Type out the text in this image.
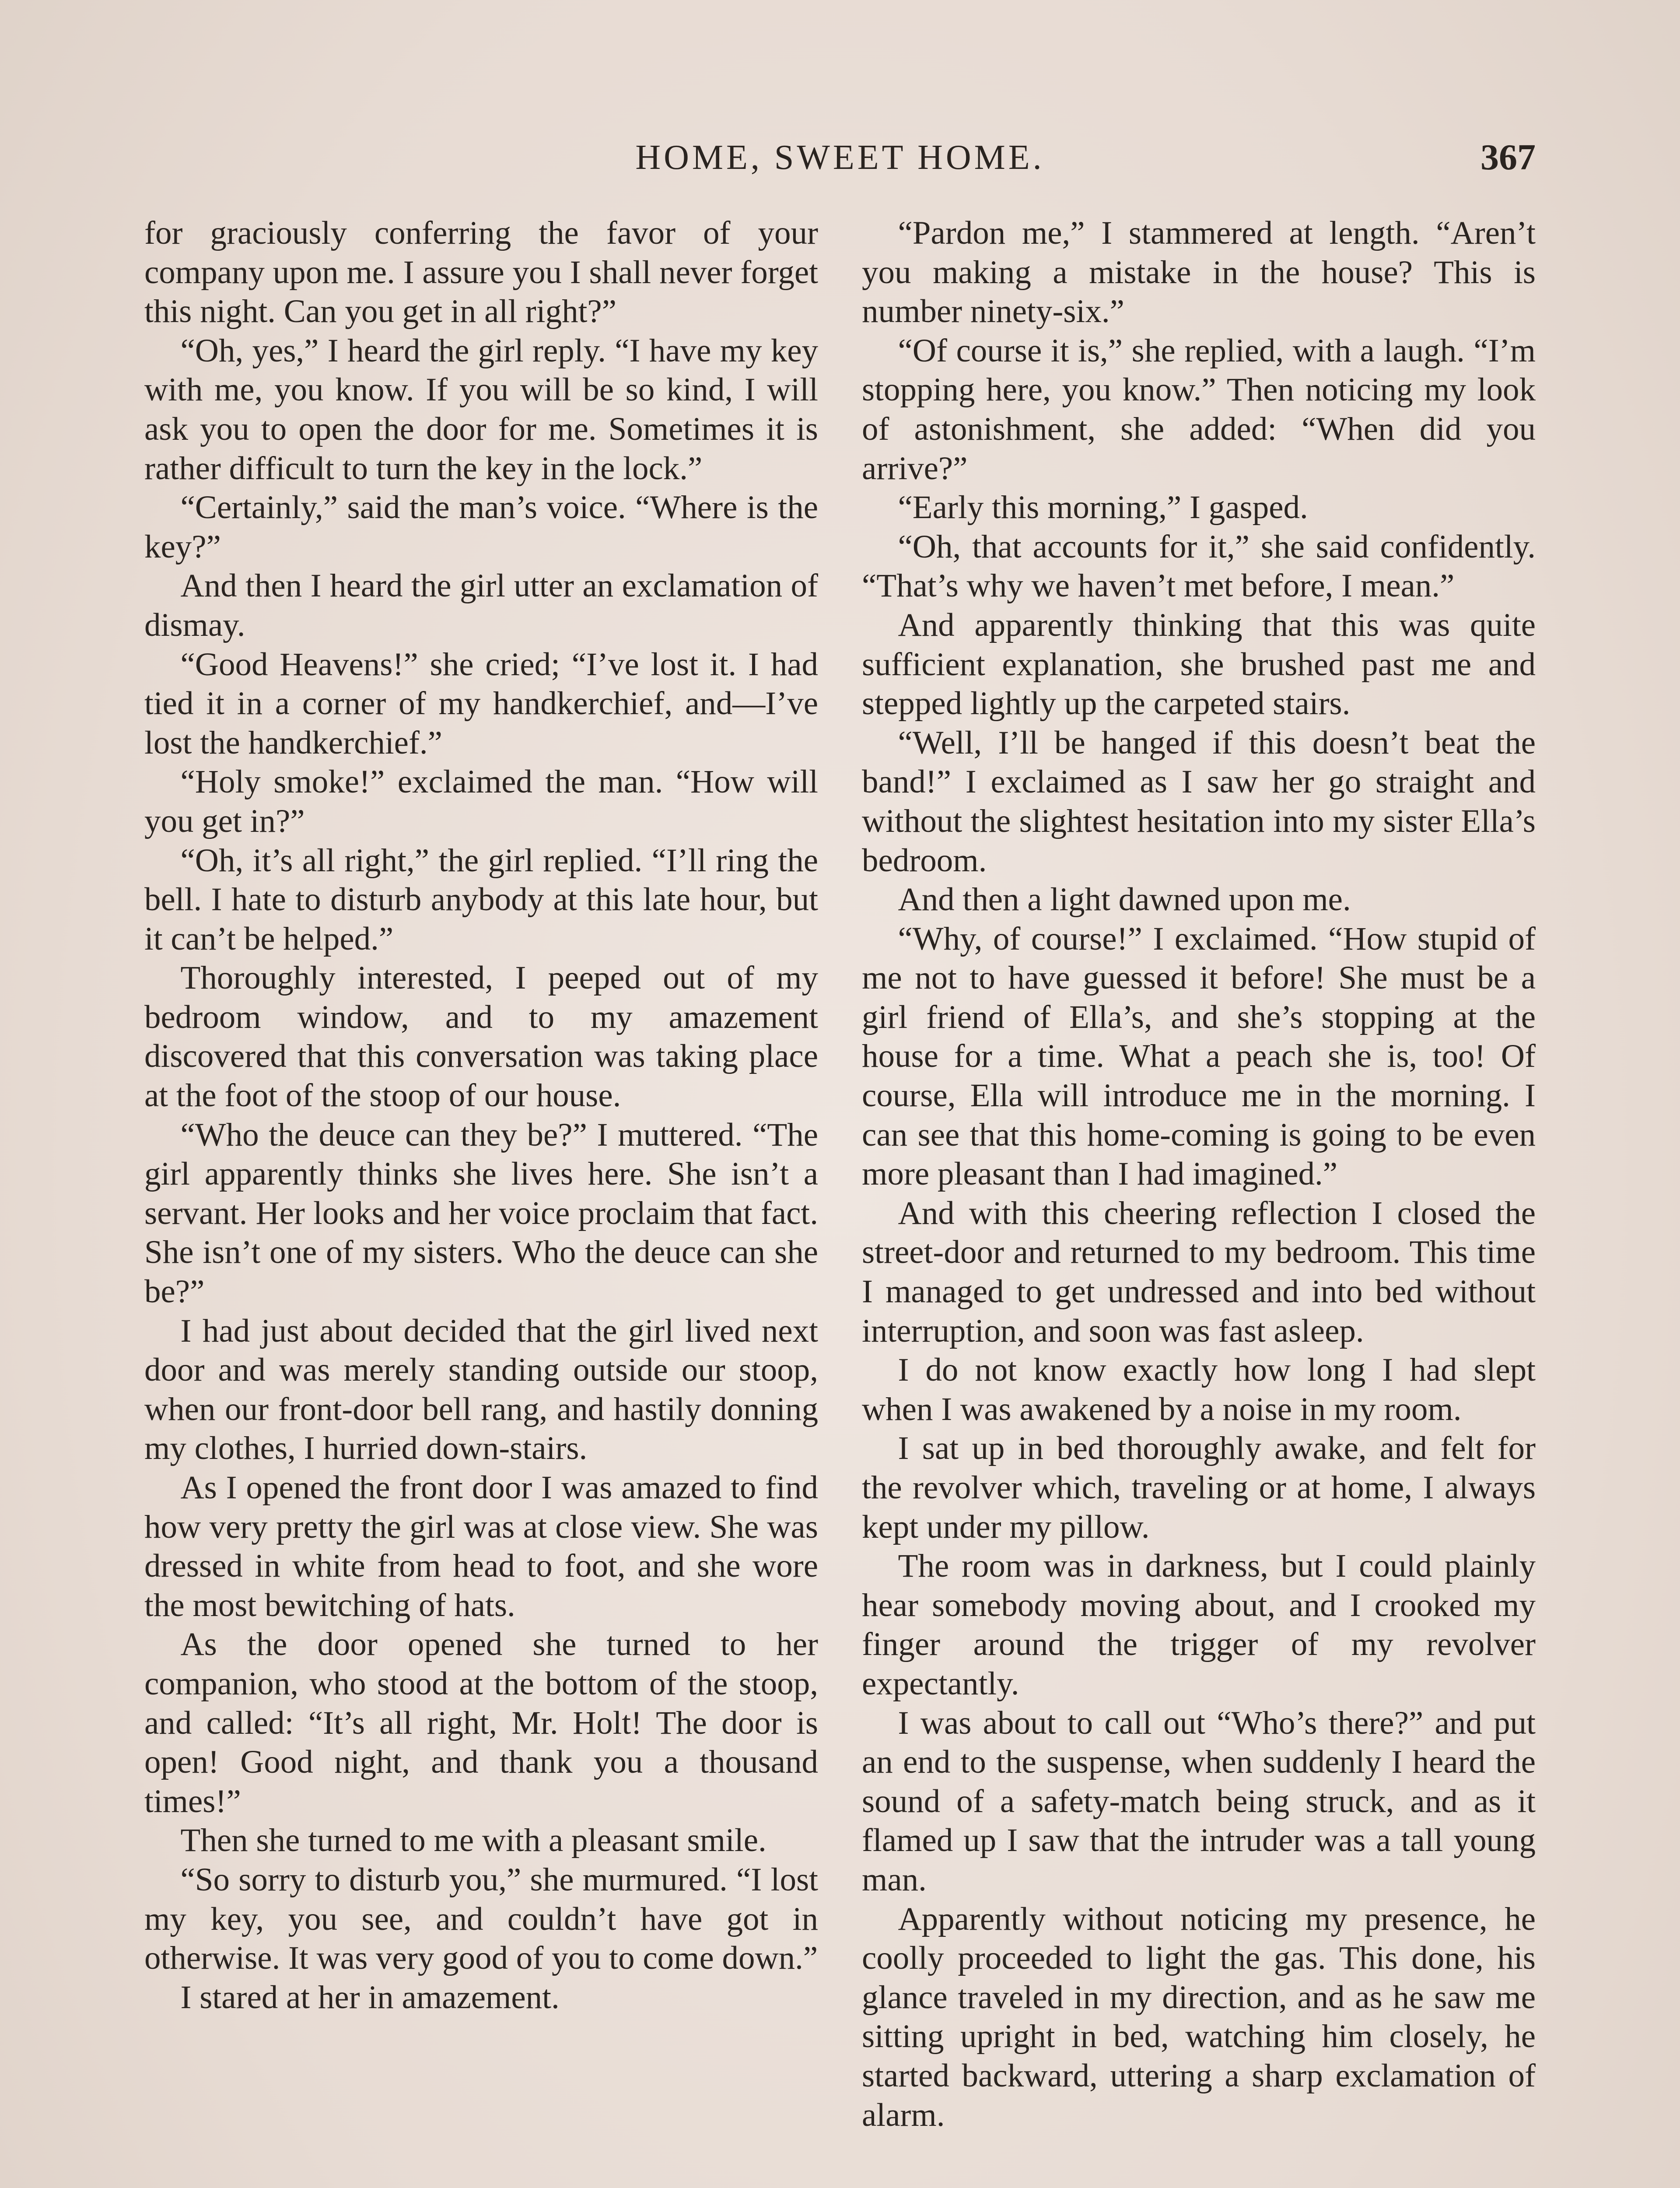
HOME, SWEET HOME.	367

for graciously conferring the favor of your company upon me. I assure you I shall never forget this night. Can you get in all right?”

“Oh, yes,” I heard the girl reply. “I have my key with me, you know. If you will be so kind, I will ask you to open the door for me. Sometimes it is rather difficult to turn the key in the lock.”

“Certainly,” said the man’s voice. “Where is the key?”

And then I heard the girl utter an exclamation of dismay.

“Good Heavens!” she cried; “I’ve lost it. I had tied it in a corner of my handkerchief, and—I’ve lost the handkerchief.”

“Holy smoke!” exclaimed the man. “How will you get in?”

“Oh, it’s all right,” the girl replied. “I’ll ring the bell. I hate to disturb anybody at this late hour, but it can’t be helped.”

Thoroughly interested, I peeped out of my bedroom window, and to my amazement discovered that this conversation was taking place at the foot of the stoop of our house.

“Who the deuce can they be?” I muttered. “The girl apparently thinks she lives here. She isn’t a servant. Her looks and her voice proclaim that fact. She isn’t one of my sisters. Who the deuce can she be?”

I had just about decided that the girl lived next door and was merely standing outside our stoop, when our front-door bell rang, and hastily donning my clothes, I hurried down-stairs.

As I opened the front door I was amazed to find how very pretty the girl was at close view. She was dressed in white from head to foot, and she wore the most bewitching of hats.

As the door opened she turned to her companion, who stood at the bottom of the stoop, and called: “It’s all right, Mr. Holt! The door is open! Good night, and thank you a thousand times!”

Then she turned to me with a pleasant smile.

“So sorry to disturb you,” she murmured. “I lost my key, you see, and couldn’t have got in otherwise. It was very good of you to come down.”

I stared at her in amazement.

“Pardon me,” I stammered at length. “Aren’t you making a mistake in the house? This is number ninety-six.”

“Of course it is,” she replied, with a laugh. “I’m stopping here, you know.” Then noticing my look of astonishment, she added: “When did you arrive?”

“Early this morning,” I gasped.

“Oh, that accounts for it,” she said confidently. “That’s why we haven’t met before, I mean.”

And apparently thinking that this was quite sufficient explanation, she brushed past me and stepped lightly up the carpeted stairs.

“Well, I’ll be hanged if this doesn’t beat the band!” I exclaimed as I saw her go straight and without the slightest hesitation into my sister Ella’s bedroom.

And then a light dawned upon me.

“Why, of course!” I exclaimed. “How stupid of me not to have guessed it before! She must be a girl friend of Ella’s, and she’s stopping at the house for a time. What a peach she is, too! Of course, Ella will introduce me in the morning. I can see that this home-coming is going to be even more pleasant than I had imagined.”

And with this cheering reflection I closed the street-door and returned to my bedroom. This time I managed to get undressed and into bed without interruption, and soon was fast asleep.

I do not know exactly how long I had slept when I was awakened by a noise in my room.

I sat up in bed thoroughly awake, and felt for the revolver which, traveling or at home, I always kept under my pillow.

The room was in darkness, but I could plainly hear somebody moving about, and I crooked my finger around the trigger of my revolver expectantly.

I was about to call out “Who’s there?” and put an end to the suspense, when suddenly I heard the sound of a safety-match being struck, and as it flamed up I saw that the intruder was a tall young man.

Apparently without noticing my presence, he coolly proceeded to light the gas. This done, his glance traveled in my direction, and as he saw me sitting upright in bed, watching him closely, he started backward, uttering a sharp exclamation of alarm.
